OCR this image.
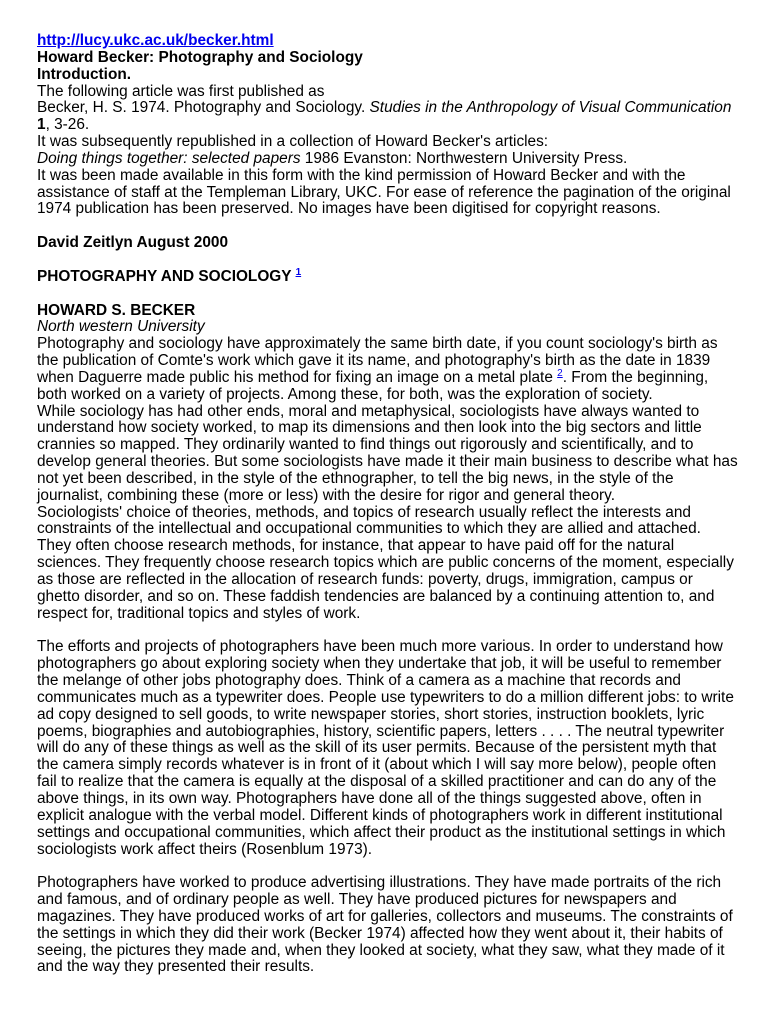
http://lucy.ukc.ac.uk/becker.html
Howard Becker: Photography and Sociology
Introduction.

The following article was first published as
Becker, H. S. 1974. Photography and Sociology. Studies in the Anthropology of Visual Communication 1, 3-26.
It was subsequently republished in a collection of Howard Becker's articles:
Doing things together: selected papers 1986 Evanston: Northwestern University Press.
It was been made available in this form with the kind permission of Howard Becker and with the assistance of staff at the Templeman Library, UKC. For ease of reference the pagination of the original 1974 publication has been preserved. No images have been digitised for copyright reasons.

David Zeitlyn August 2000

PHOTOGRAPHY AND SOCIOLOGY $^1$

HOWARD S. BECKER
North western University

Photography and sociology have approximately the same birth date, if you count sociology's birth as the publication of Comte's work which gave it its name, and photography's birth as the date in 1839 when Daguerre made public his method for fixing an image on a metal plate $^2$. From the beginning, both worked on a variety of projects. Among these, for both, was the exploration of society.

While sociology has had other ends, moral and metaphysical, sociologists have always wanted to understand how society worked, to map its dimensions and then look into the big sectors and little crannies so mapped. They ordinarily wanted to find things out rigorously and scientifically, and to develop general theories. But some sociologists have made it their main business to describe what has not yet been described, in the style of the ethnographer, to tell the big news, in the style of the journalist, combining these (more or less) with the desire for rigor and general theory.

Sociologists' choice of theories, methods, and topics of research usually reflect the interests and constraints of the intellectual and occupational communities to which they are allied and attached. They often choose research methods, for instance, that appear to have paid off for the natural sciences. They frequently choose research topics which are public concerns of the moment, especially as those are reflected in the allocation of research funds: poverty, drugs, immigration, campus or ghetto disorder, and so on. These faddish tendencies are balanced by a continuing attention to, and respect for, traditional topics and styles of work.

The efforts and projects of photographers have been much more various. In order to understand how photographers go about exploring society when they undertake that job, it will be useful to remember the melange of other jobs photography does. Think of a camera as a machine that records and communicates much as a typewriter does. People use typewriters to do a million different jobs: to write ad copy designed to sell goods, to write newspaper stories, short stories, instruction booklets, lyric poems, biographies and autobiographies, history, scientific papers, letters . . . . The neutral typewriter will do any of these things as well as the skill of its user permits. Because of the persistent myth that the camera simply records whatever is in front of it (about which I will say more below), people often fail to realize that the camera is equally at the disposal of a skilled practitioner and can do any of the above things, in its own way. Photographers have done all of the things suggested above, often in explicit analogue with the verbal model. Different kinds of photographers work in different institutional settings and occupational communities, which affect their product as the institutional settings in which sociologists work affect theirs (Rosenblum 1973).

Photographers have worked to produce advertising illustrations. They have made portraits of the rich and famous, and of ordinary people as well. They have produced pictures for newspapers and magazines. They have produced works of art for galleries, collectors and museums. The constraints of the settings in which they did their work (Becker 1974) affected how they went about it, their habits of seeing, the pictures they made and, when they looked at society, what they saw, what they made of it and the way they presented their results.
